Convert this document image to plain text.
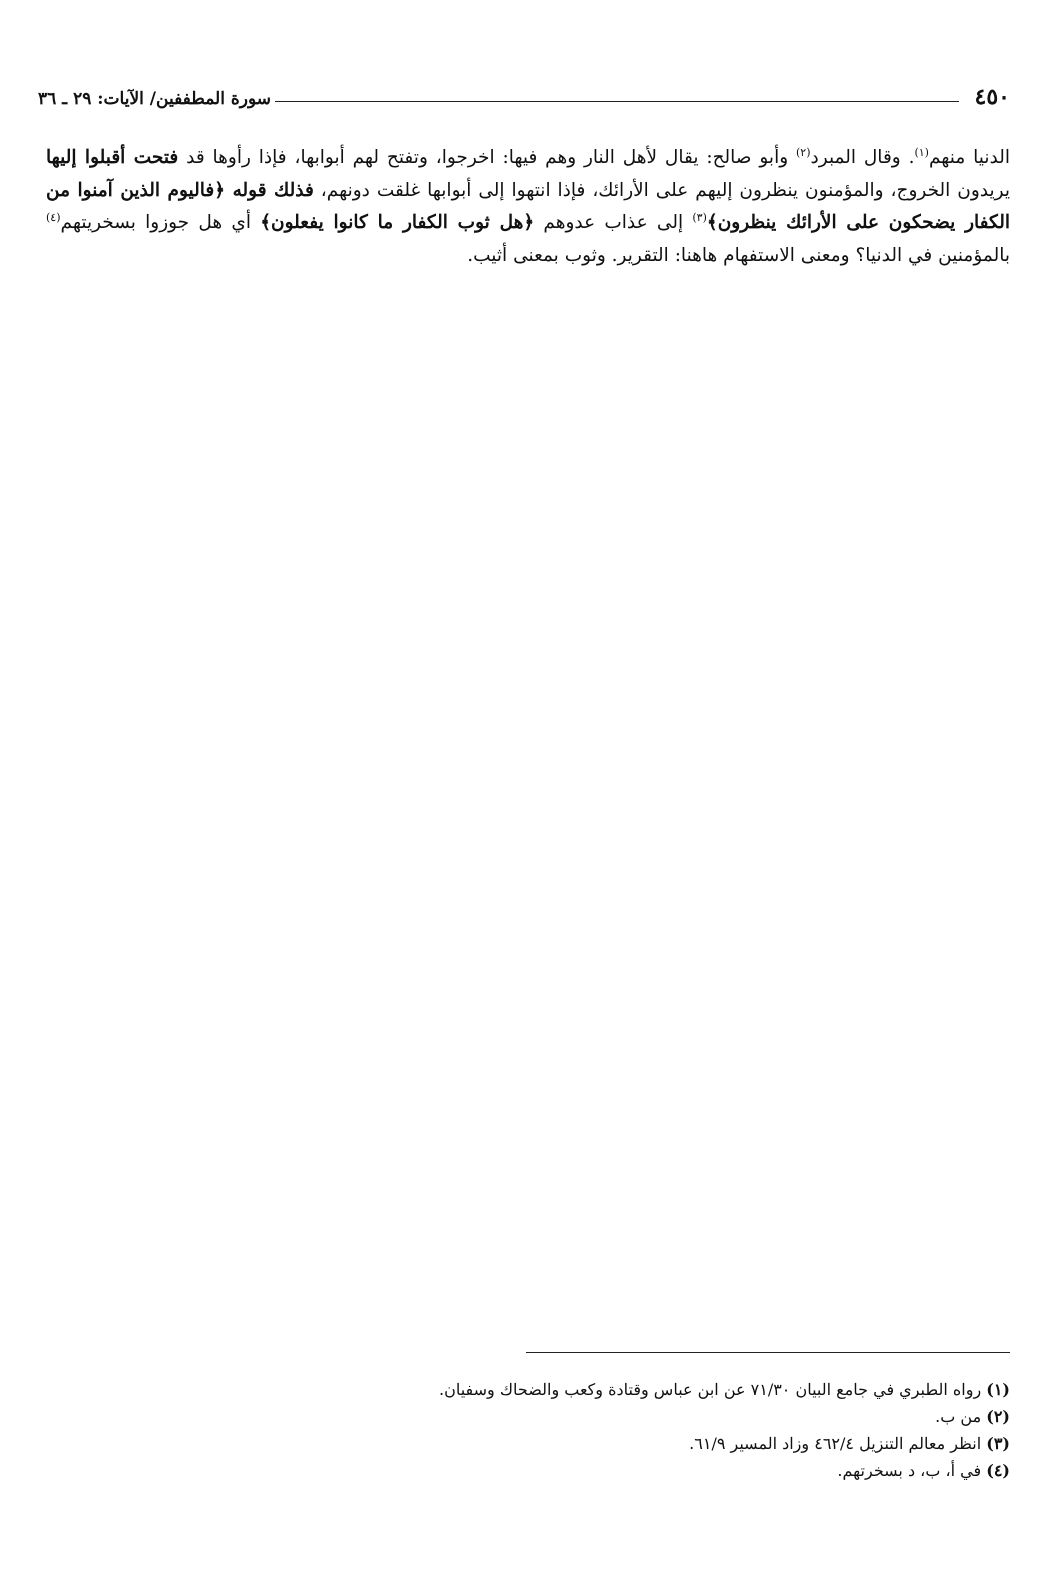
٤٥٠
سورة المطففين/ الآيات: ٢٩ ـ ٣٦
الدنيا منهم$^{(١)}$. وقال المبرد$^{(٢)}$ وأبو صالح: يقال لأهل النار وهم فيها: اخرجوا، وتفتح لهم أبوابها، فإذا رأوها قد فتحت أقبلوا إليها يريدون الخروج، والمؤمنون ينظرون إليهم على الأرائك، فإذا انتهوا إلى أبوابها غلقت دونهم، فذلك قوله ﴿فاليوم الذين آمنوا من الكفار يضحكون على الأرائك ينظرون﴾$^{(٣)}$ إلى عذاب عدوهم ﴿هل ثوب الكفار ما كانوا يفعلون﴾ أي هل جوزوا بسخريتهم$^{(٤)}$ بالمؤمنين في الدنيا؟ ومعنى الاستفهام هاهنا: التقرير. وثوب بمعنى أثيب.
(١) رواه الطبري في جامع البيان ٧١/٣٠ عن ابن عباس وقتادة وكعب والضحاك وسفيان.
(٢) من ب.
(٣) انظر معالم التنزيل ٤٦٢/٤ وزاد المسير ٦١/٩.
(٤) في أ، ب، د بسخرتهم.
